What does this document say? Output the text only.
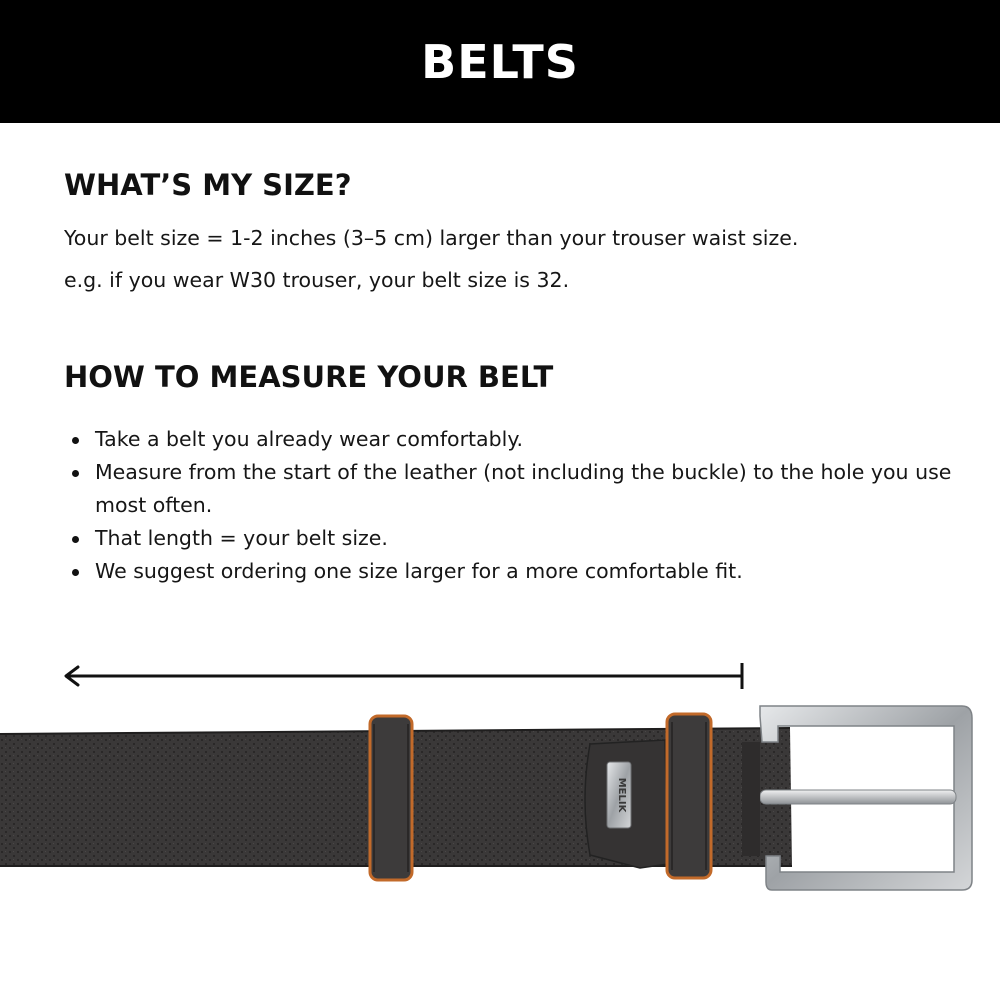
BELTS
WHAT’S MY SIZE?
Your belt size = 1-2 inches (3–5 cm) larger than your trouser waist size.
e.g. if you wear W30 trouser, your belt size is 32.
HOW TO MEASURE YOUR BELT
Take a belt you already wear comfortably.
Measure from the start of the leather (not including the buckle) to the hole you use most often.
That length = your belt size.
We suggest ordering one size larger for a more comfortable fit.
MELIK
